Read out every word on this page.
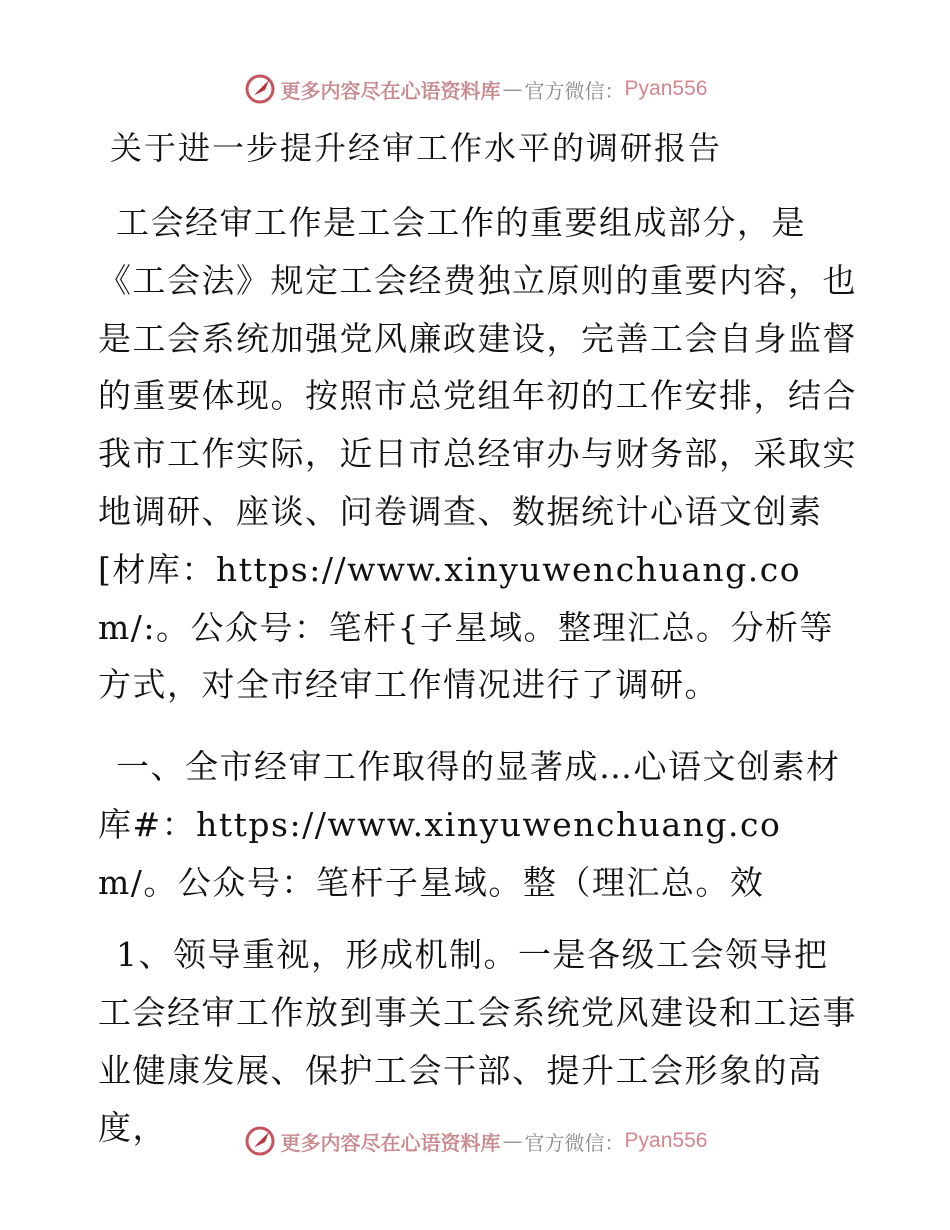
更多内容尽在心语资料库 — 官方微信： Pyan556
关于进一步提升经审工作水平的调研报告

工会经审工作是工会工作的重要组成部分，是《工会法》规定工会经费独立原则的重要内容，也是工会系统加强党风廉政建设，完善工会自身监督的重要体现。按照市总党组年初的工作安排，结合我市工作实际，近日市总经审办与财务部，采取实地调研、座谈、问卷调查、数据统计心语文创素[材库：https://www.xinyuwenchuang.com/:。公众号：笔杆{子星域。整理汇总。分析等方式，对全市经审工作情况进行了调研。

一、全市经审工作取得的显著成…心语文创素材库#：https://www.xinyuwenchuang.com/。公众号：笔杆子星域。整（理汇总。效

1、领导重视，形成机制。一是各级工会领导把工会经审工作放到事关工会系统党风建设和工运事业健康发展、保护工会干部、提升工会形象的高度，	更多内容尽在心语资料库 — 官方微信： Pyan556
